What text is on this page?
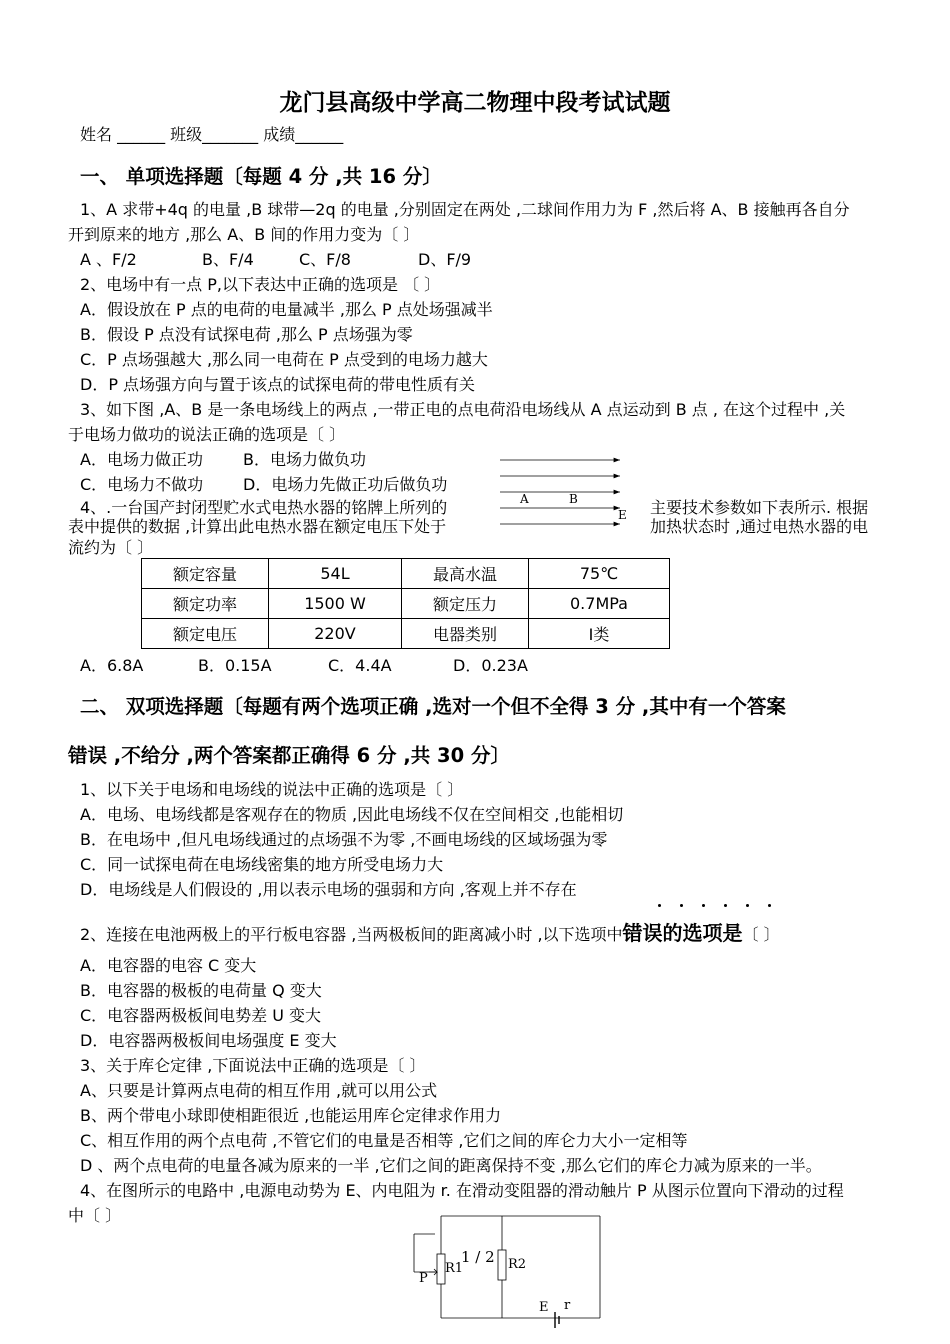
龙门县高级中学高二物理中段考试试题
姓名 ______ 班级_______ 成绩______
一、 单项选择题〔每题 4 分 ,共 16 分〕
1、A 求带+4q 的电量 ,B 球带—2q 的电量 ,分别固定在两处 ,二球间作用力为 F ,然后将 A、B 接触再各自分
开到原来的地方 ,那么 A、B 间的作用力变为〔 〕
A 、F/2	B、F/4	C、F/8	D、F/9
2、电场中有一点 P,以下表达中正确的选项是 〔 〕
A．假设放在 P 点的电荷的电量减半 ,那么 P 点处场强减半
B．假设 P 点没有试探电荷 ,那么 P 点场强为零
C．P 点场强越大 ,那么同一电荷在 P 点受到的电场力越大
D．P 点场强方向与置于该点的试探电荷的带电性质有关
3、如下图 ,A、B 是一条电场线上的两点 ,一带正电的点电荷沿电场线从 A 点运动到 B 点 , 在这个过程中 ,关
于电场力做功的说法正确的选项是〔 〕
A．电场力做正功	B．电场力做负功
C．电场力不做功 D．电场力先做正功后做负功
A	B
E
4、.一台国产封闭型贮水式电热水器的铭牌上所列的	主要技术参数如下表所示. 根据
表中提供的数据 ,计算出此电热水器在额定电压下处于	加热状态时 ,通过电热水器的电
流约为〔 〕
额定容量	54L	最高水温	75℃
额定功率	1500 W	额定压力	0.7MPa
额定电压	220V	电器类别	Ⅰ类
A．6.8A	B．0.15A	C．4.4A	D．0.23A
二、 双项选择题〔每题有两个选项正确 ,选对一个但不全得 3 分 ,其中有一个答案
错误 ,不给分 ,两个答案都正确得 6 分 ,共 30 分〕
1、以下关于电场和电场线的说法中正确的选项是〔 〕
A．电场、电场线都是客观存在的物质 ,因此电场线不仅在空间相交 ,也能相切
B．在电场中 ,但凡电场线通过的点场强不为零 ,不画电场线的区域场强为零
C．同一试探电荷在电场线密集的地方所受电场力大
D．电场线是人们假设的 ,用以表示电场的强弱和方向 ,客观上并不存在
2、连接在电池两极上的平行板电容器 ,当两极板间的距离减小时 ,以下选项中错误的选项是〔 〕
A．电容器的电容 C 变大
B．电容器的极板的电荷量 Q 变大
C．电容器两极板间电势差 U 变大
D．电容器两极板间电场强度 E 变大
3、关于库仑定律 ,下面说法中正确的选项是〔 〕
A、只要是计算两点电荷的相互作用 ,就可以用公式
B、两个带电小球即使相距很近 ,也能运用库仑定律求作用力
C、相互作用的两个点电荷 ,不管它们的电量是否相等 ,它们之间的库仑力大小一定相等
D 、两个点电荷的电量各减为原来的一半 ,它们之间的距离保持不变 ,那么它们的库仑力减为原来的一半。
4、在图所示的电路中 ,电源电动势为 E、内电阻为 r. 在滑动变阻器的滑动触片 P 从图示位置向下滑动的过程
中〔 〕
R1	R2
P
E r
1 / 2
